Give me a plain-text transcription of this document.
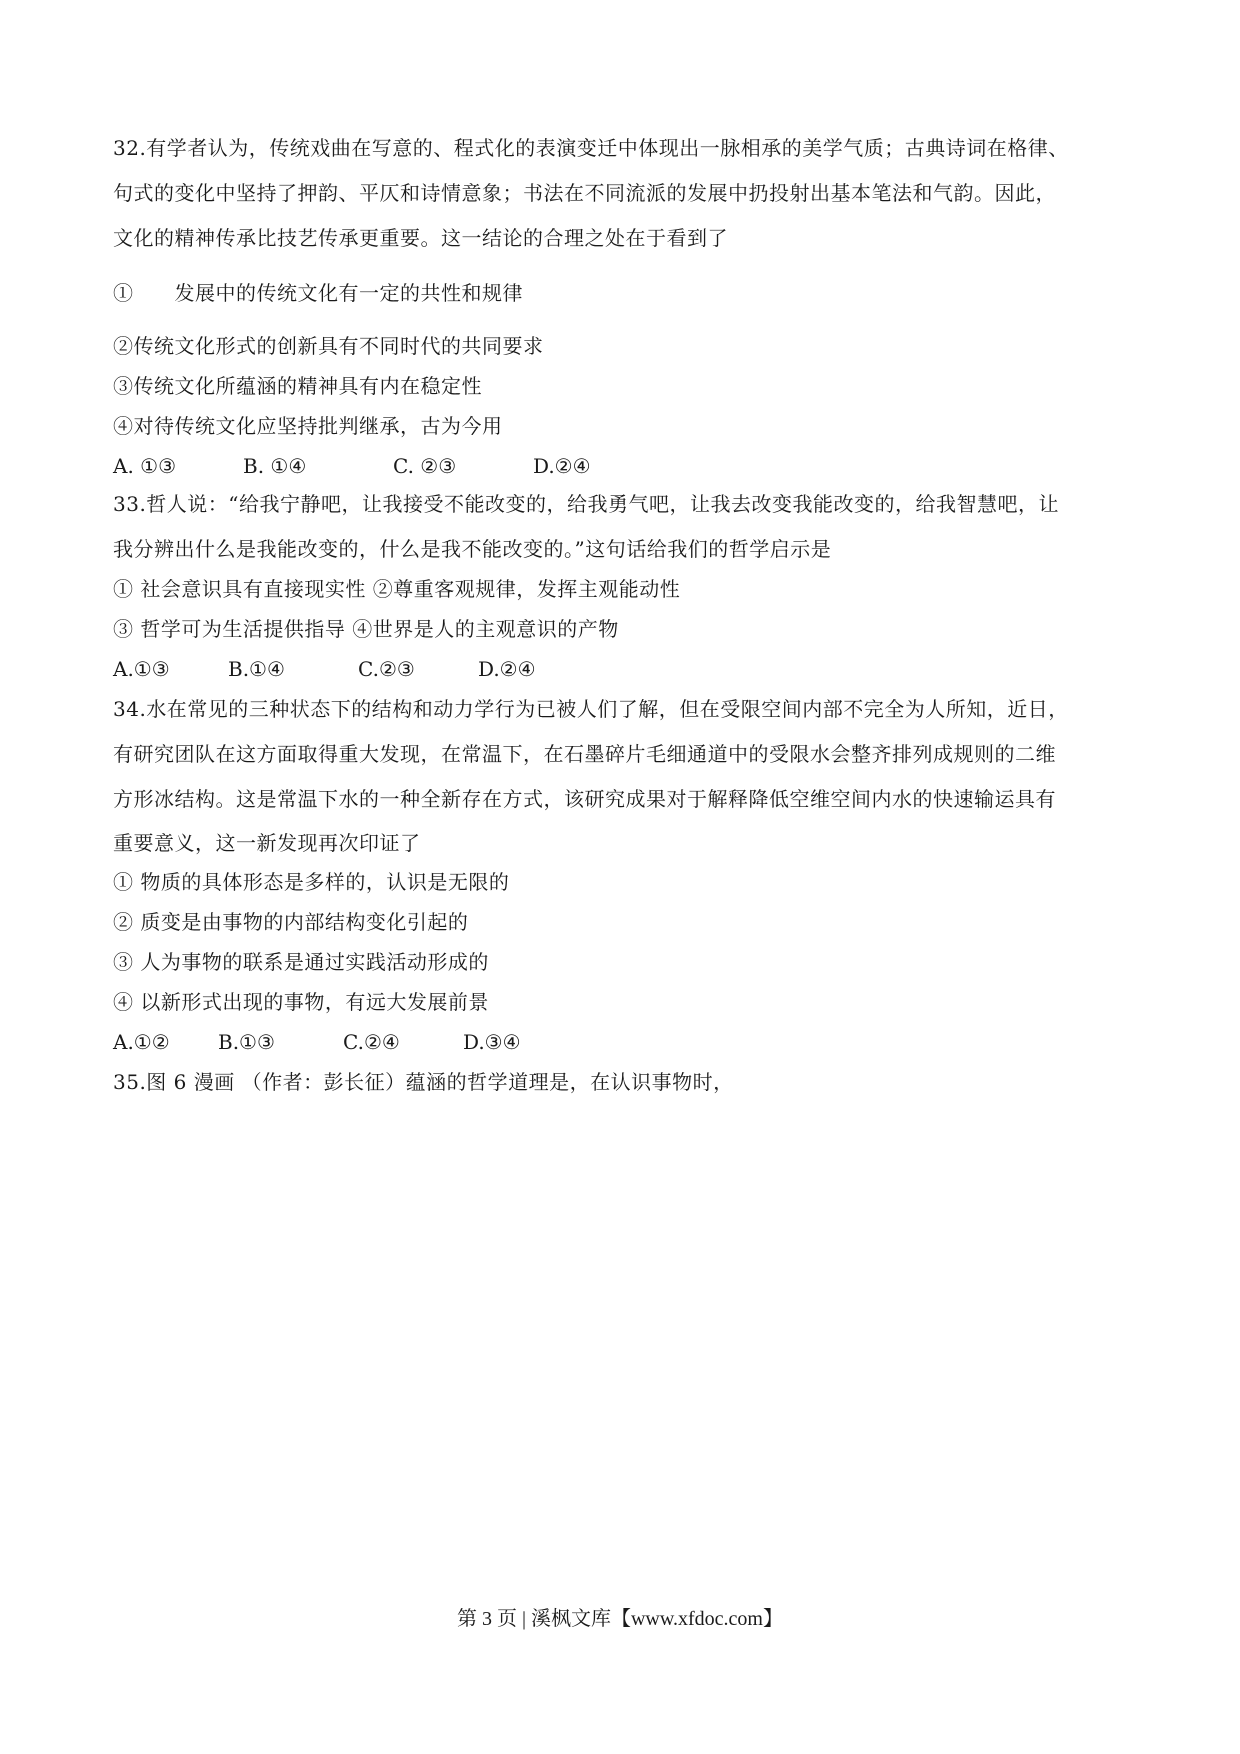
32.有学者认为，传统戏曲在写意的、程式化的表演变迁中体现出一脉相承的美学气质；古典诗词在格律、
句式的变化中坚持了押韵、平仄和诗情意象；书法在不同流派的发展中扔投射出基本笔法和气韵。因此，
文化的精神传承比技艺传承更重要。这一结论的合理之处在于看到了
①　　发展中的传统文化有一定的共性和规律
②传统文化形式的创新具有不同时代的共同要求
③传统文化所蕴涵的精神具有内在稳定性
④对待传统文化应坚持批判继承，古为今用
A. ①③	B. ①④	C. ②③	D.②④
33.哲人说：“给我宁静吧，让我接受不能改变的，给我勇气吧，让我去改变我能改变的，给我智慧吧，让
我分辨出什么是我能改变的，什么是我不能改变的。”这句话给我们的哲学启示是
① 社会意识具有直接现实性 ②尊重客观规律，发挥主观能动性
③ 哲学可为生活提供指导 ④世界是人的主观意识的产物
A.①③	B.①④	C.②③	D.②④
34.水在常见的三种状态下的结构和动力学行为已被人们了解，但在受限空间内部不完全为人所知，近日，
有研究团队在这方面取得重大发现，在常温下，在石墨碎片毛细通道中的受限水会整齐排列成规则的二维
方形冰结构。这是常温下水的一种全新存在方式，该研究成果对于解释降低空维空间内水的快速输运具有
重要意义，这一新发现再次印证了
① 物质的具体形态是多样的，认识是无限的
② 质变是由事物的内部结构变化引起的
③ 人为事物的联系是通过实践活动形成的
④ 以新形式出现的事物，有远大发展前景
A.①② B.①③	C.②④	D.③④
35.图 6 漫画 （作者：彭长征）蕴涵的哲学道理是，在认识事物时，
第 3 页 | 溪枫文库【www.xfdoc.com】
